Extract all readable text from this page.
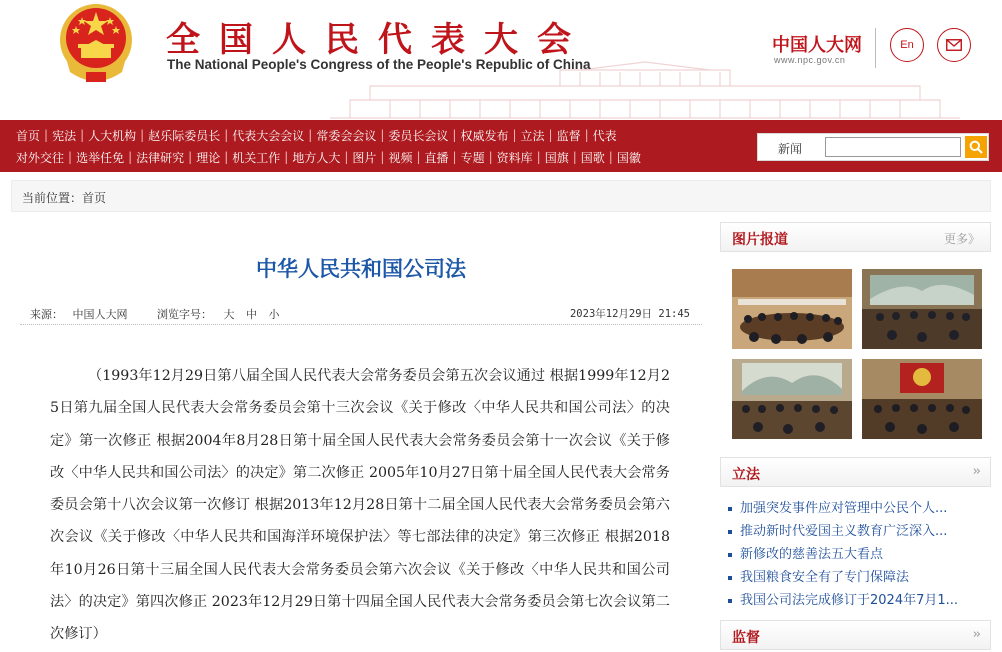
全国人民代表大会
The National People's Congress of the People's Republic of China
中国人大网
www.npc.gov.cn
En
首页 | 宪法 | 人大机构 | 赵乐际委员长 | 代表大会会议 | 常委会会议 | 委员长会议 | 权威发布 | 立法 | 监督 | 代表
对外交往 | 选举任免 | 法律研究 | 理论 | 机关工作 | 地方人大 | 图片 | 视频 | 直播 | 专题 | 资料库 | 国旗 | 国歌 | 国徽
新闻
当前位置：首页
中华人民共和国公司法
来源： 中国人大网	浏览字号： 大 中 小	2023年12月29日 21:45
（1993年12月29日第八届全国人民代表大会常务委员会第五次会议通过 根据1999年12月25日第九届全国人民代表大会常务委员会第十三次会议《关于修改〈中华人民共和国公司法〉的决定》第一次修正 根据2004年8月28日第十届全国人民代表大会常务委员会第十一次会议《关于修改〈中华人民共和国公司法〉的决定》第二次修正 2005年10月27日第十届全国人民代表大会常务委员会第十八次会议第一次修订 根据2013年12月28日第十二届全国人民代表大会常务委员会第六次会议《关于修改〈中华人民共和国海洋环境保护法〉等七部法律的决定》第三次修正 根据2018年10月26日第十三届全国人民代表大会常务委员会第六次会议《关于修改〈中华人民共和国公司法〉的决定》第四次修正 2023年12月29日第十四届全国人民代表大会常务委员会第七次会议第二次修订）
图片报道	更多》
立法	››
加强突发事件应对管理中公民个人...
推动新时代爱国主义教育广泛深入...
新修改的慈善法五大看点
我国粮食安全有了专门保障法
我国公司法完成修订于2024年7月1...
监督	››
